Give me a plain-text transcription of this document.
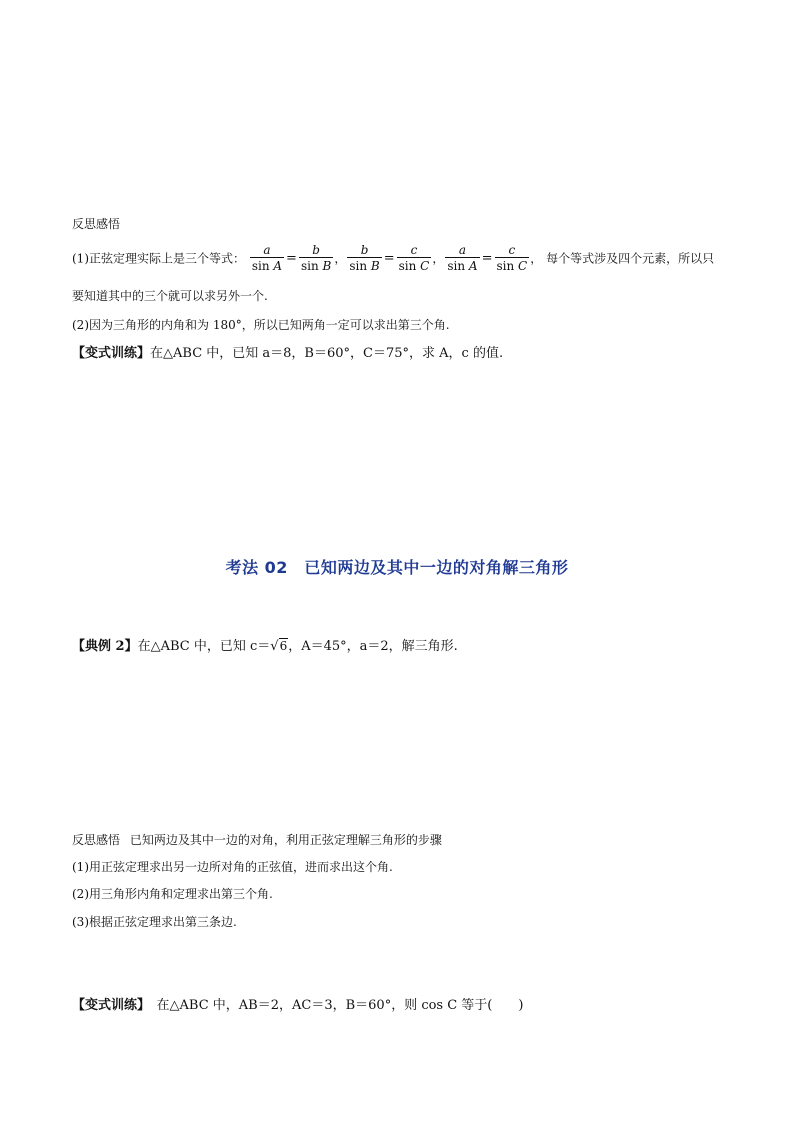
反思感悟
(1)正弦定理实际上是三个等式： $\frac{a}{\text{sin A}} = \frac{b}{\text{sin B}}$ ， $\frac{b}{\text{sin B}} = \frac{c}{\text{sin C}}$ ， $\frac{a}{\text{sin A}} = \frac{c}{\text{sin C}}$ ， 每个等式涉及四个元素，所以只
要知道其中的三个就可以求另外一个.
(2)因为三角形的内角和为 180°，所以已知两角一定可以求出第三个角.
【变式训练】在△ABC 中，已知 a＝8，B＝60°，C＝75°，求 A，c 的值.
考法 02　已知两边及其中一边的对角解三角形
【典例 2】在△ABC 中，已知 c＝√6，A＝45°，a＝2，解三角形.
反思感悟 已知两边及其中一边的对角，利用正弦定理解三角形的步骤
(1)用正弦定理求出另一边所对角的正弦值，进而求出这个角.
(2)用三角形内角和定理求出第三个角.
(3)根据正弦定理求出第三条边.
【变式训练】　在△ABC 中，AB＝2，AC＝3，B＝60°，则 cos C 等于(　　)
